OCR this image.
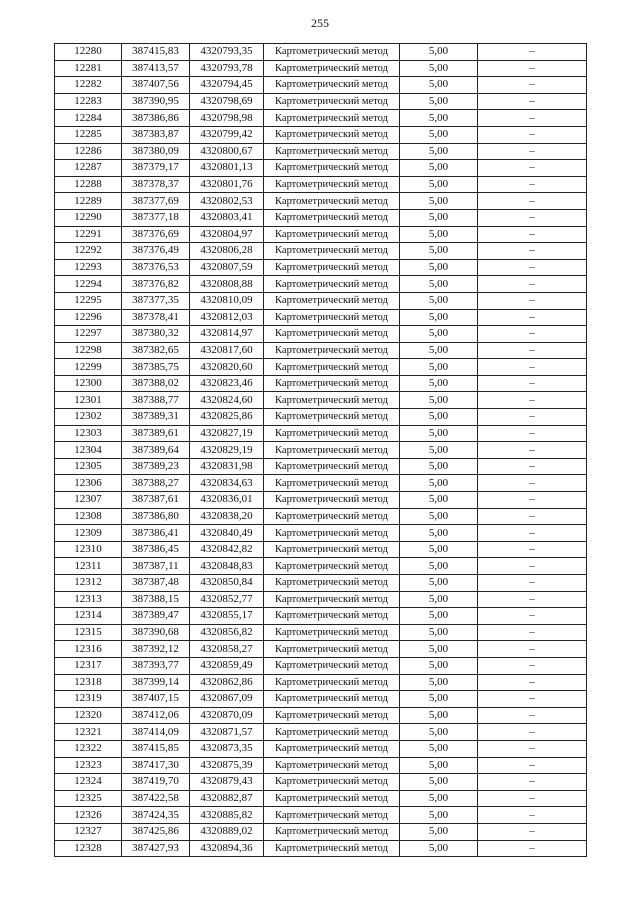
255
12280	387415,83	4320793,35	Картометрический метод	5,00	–
12281	387413,57	4320793,78	Картометрический метод	5,00	–
12282	387407,56	4320794,45	Картометрический метод	5,00	–
12283	387390,95	4320798,69	Картометрический метод	5,00	–
12284	387386,86	4320798,98	Картометрический метод	5,00	–
12285	387383,87	4320799,42	Картометрический метод	5,00	–
12286	387380,09	4320800,67	Картометрический метод	5,00	–
12287	387379,17	4320801,13	Картометрический метод	5,00	–
12288	387378,37	4320801,76	Картометрический метод	5,00	–
12289	387377,69	4320802,53	Картометрический метод	5,00	–
12290	387377,18	4320803,41	Картометрический метод	5,00	–
12291	387376,69	4320804,97	Картометрический метод	5,00	–
12292	387376,49	4320806,28	Картометрический метод	5,00	–
12293	387376,53	4320807,59	Картометрический метод	5,00	–
12294	387376,82	4320808,88	Картометрический метод	5,00	–
12295	387377,35	4320810,09	Картометрический метод	5,00	–
12296	387378,41	4320812,03	Картометрический метод	5,00	–
12297	387380,32	4320814,97	Картометрический метод	5,00	–
12298	387382,65	4320817,60	Картометрический метод	5,00	–
12299	387385,75	4320820,60	Картометрический метод	5,00	–
12300	387388,02	4320823,46	Картометрический метод	5,00	–
12301	387388,77	4320824,60	Картометрический метод	5,00	–
12302	387389,31	4320825,86	Картометрический метод	5,00	–
12303	387389,61	4320827,19	Картометрический метод	5,00	–
12304	387389,64	4320829,19	Картометрический метод	5,00	–
12305	387389,23	4320831,98	Картометрический метод	5,00	–
12306	387388,27	4320834,63	Картометрический метод	5,00	–
12307	387387,61	4320836,01	Картометрический метод	5,00	–
12308	387386,80	4320838,20	Картометрический метод	5,00	–
12309	387386,41	4320840,49	Картометрический метод	5,00	–
12310	387386,45	4320842,82	Картометрический метод	5,00	–
12311	387387,11	4320848,83	Картометрический метод	5,00	–
12312	387387,48	4320850,84	Картометрический метод	5,00	–
12313	387388,15	4320852,77	Картометрический метод	5,00	–
12314	387389,47	4320855,17	Картометрический метод	5,00	–
12315	387390,68	4320856,82	Картометрический метод	5,00	–
12316	387392,12	4320858,27	Картометрический метод	5,00	–
12317	387393,77	4320859,49	Картометрический метод	5,00	–
12318	387399,14	4320862,86	Картометрический метод	5,00	–
12319	387407,15	4320867,09	Картометрический метод	5,00	–
12320	387412,06	4320870,09	Картометрический метод	5,00	–
12321	387414,09	4320871,57	Картометрический метод	5,00	–
12322	387415,85	4320873,35	Картометрический метод	5,00	–
12323	387417,30	4320875,39	Картометрический метод	5,00	–
12324	387419,70	4320879,43	Картометрический метод	5,00	–
12325	387422,58	4320882,87	Картометрический метод	5,00	–
12326	387424,35	4320885,82	Картометрический метод	5,00	–
12327	387425,86	4320889,02	Картометрический метод	5,00	–
12328	387427,93	4320894,36	Картометрический метод	5,00	–
